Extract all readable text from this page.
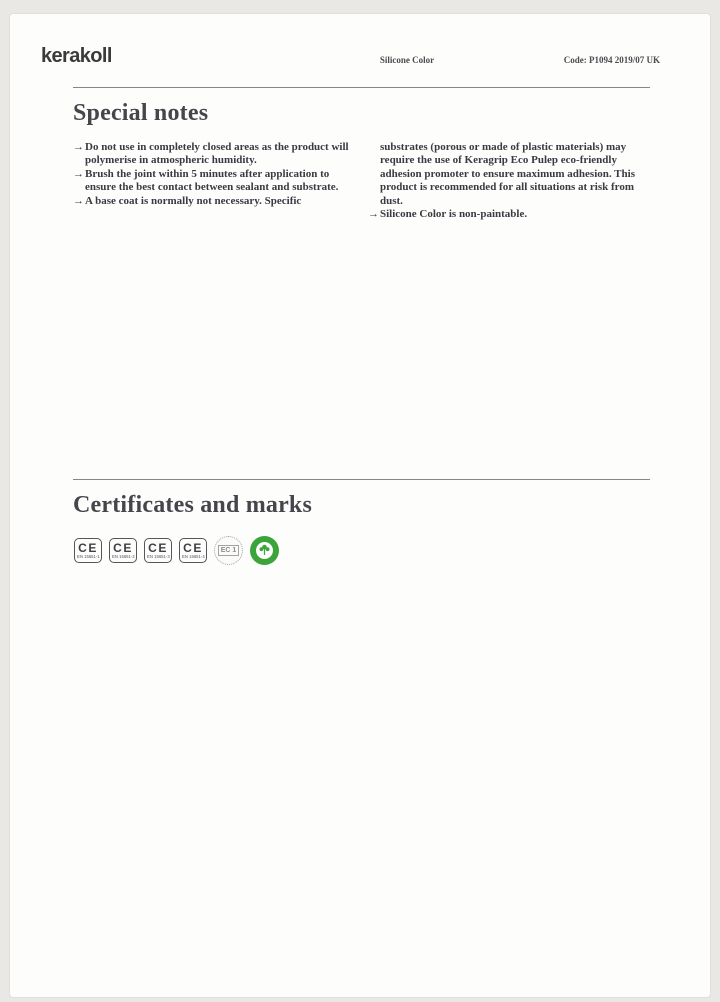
kerakoll	Silicone Color	Code: P1094 2019/07 UK
Special notes
→ Do not use in completely closed areas as the product will polymerise in atmospheric humidity.
→ Brush the joint within 5 minutes after application to ensure the best contact between sealant and substrate.
→ A base coat is normally not necessary. Specific
substrates (porous or made of plastic materials) may require the use of Keragrip Eco Pulep eco-friendly adhesion promoter to ensure maximum adhesion. This product is recommended for all situations at risk from dust.
→ Silicone Color is non-paintable.
Certificates and marks
CE
EN 15651-1
CE
EN 15651-2
CE
EN 15651-3
CE
EN 15651-4
EC 1
